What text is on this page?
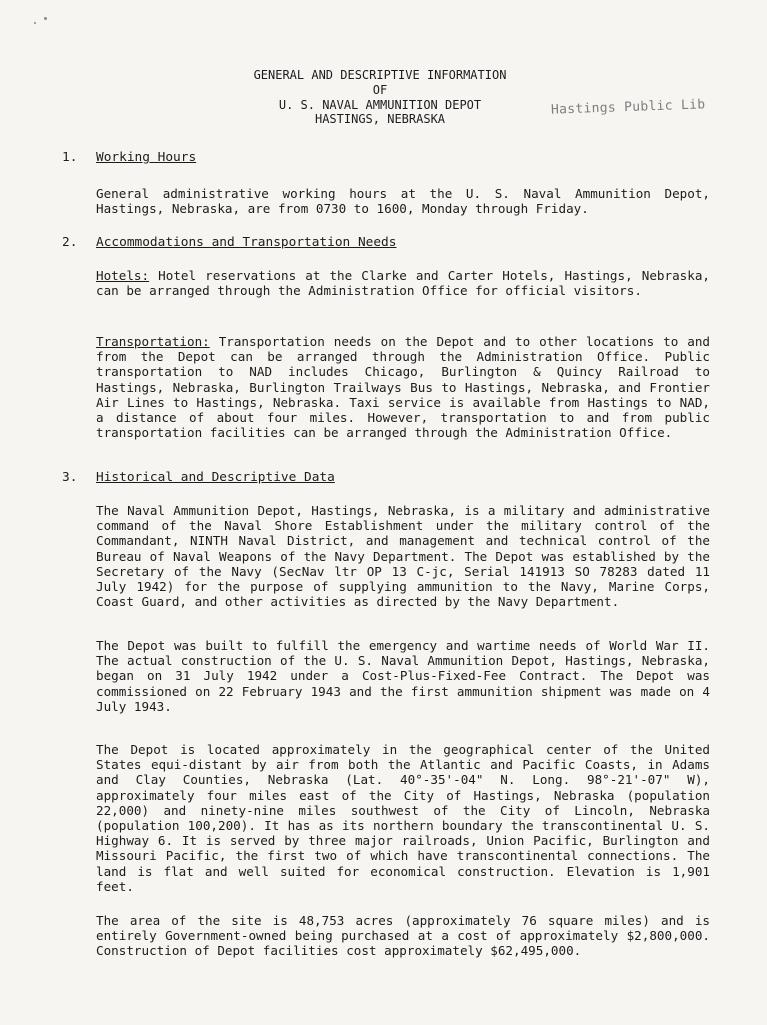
GENERAL AND DESCRIPTIVE INFORMATION
OF
U. S. NAVAL AMMUNITION DEPOT
HASTINGS, NEBRASKA
Hastings Public Lib
1. Working Hours

General administrative working hours at the U. S. Naval Ammunition Depot, Hastings, Nebraska, are from 0730 to 1600, Monday through Friday.

2. Accommodations and Transportation Needs

Hotels: Hotel reservations at the Clarke and Carter Hotels, Hastings, Nebraska, can be arranged through the Administration Office for official visitors.

Transportation: Transportation needs on the Depot and to other locations to and from the Depot can be arranged through the Administration Office. Public transportation to NAD includes Chicago, Burlington & Quincy Railroad to Hastings, Nebraska, Burlington Trailways Bus to Hastings, Nebraska, and Frontier Air Lines to Hastings, Nebraska. Taxi service is available from Hastings to NAD, a distance of about four miles. However, transportation to and from public transportation facilities can be arranged through the Administration Office.

3. Historical and Descriptive Data

The Naval Ammunition Depot, Hastings, Nebraska, is a military and administrative command of the Naval Shore Establishment under the military control of the Commandant, NINTH Naval District, and management and technical control of the Bureau of Naval Weapons of the Navy Department. The Depot was established by the Secretary of the Navy (SecNav ltr OP 13 C-jc, Serial 141913 SO 78283 dated 11 July 1942) for the purpose of supplying ammunition to the Navy, Marine Corps, Coast Guard, and other activities as directed by the Navy Department.

The Depot was built to fulfill the emergency and wartime needs of World War II. The actual construction of the U. S. Naval Ammunition Depot, Hastings, Nebraska, began on 31 July 1942 under a Cost-Plus-Fixed-Fee Contract. The Depot was commissioned on 22 February 1943 and the first ammunition shipment was made on 4 July 1943.

The Depot is located approximately in the geographical center of the United States equi-distant by air from both the Atlantic and Pacific Coasts, in Adams and Clay Counties, Nebraska (Lat. 40°-35'-04" N. Long. 98°-21'-07" W), approximately four miles east of the City of Hastings, Nebraska (population 22,000) and ninety-nine miles southwest of the City of Lincoln, Nebraska (population 100,200). It has as its northern boundary the transcontinental U. S. Highway 6. It is served by three major railroads, Union Pacific, Burlington and Missouri Pacific, the first two of which have transcontinental connections. The land is flat and well suited for economical construction. Elevation is 1,901 feet.

The area of the site is 48,753 acres (approximately 76 square miles) and is entirely Government-owned being purchased at a cost of approximately $2,800,000. Construction of Depot facilities cost approximately $62,495,000.
